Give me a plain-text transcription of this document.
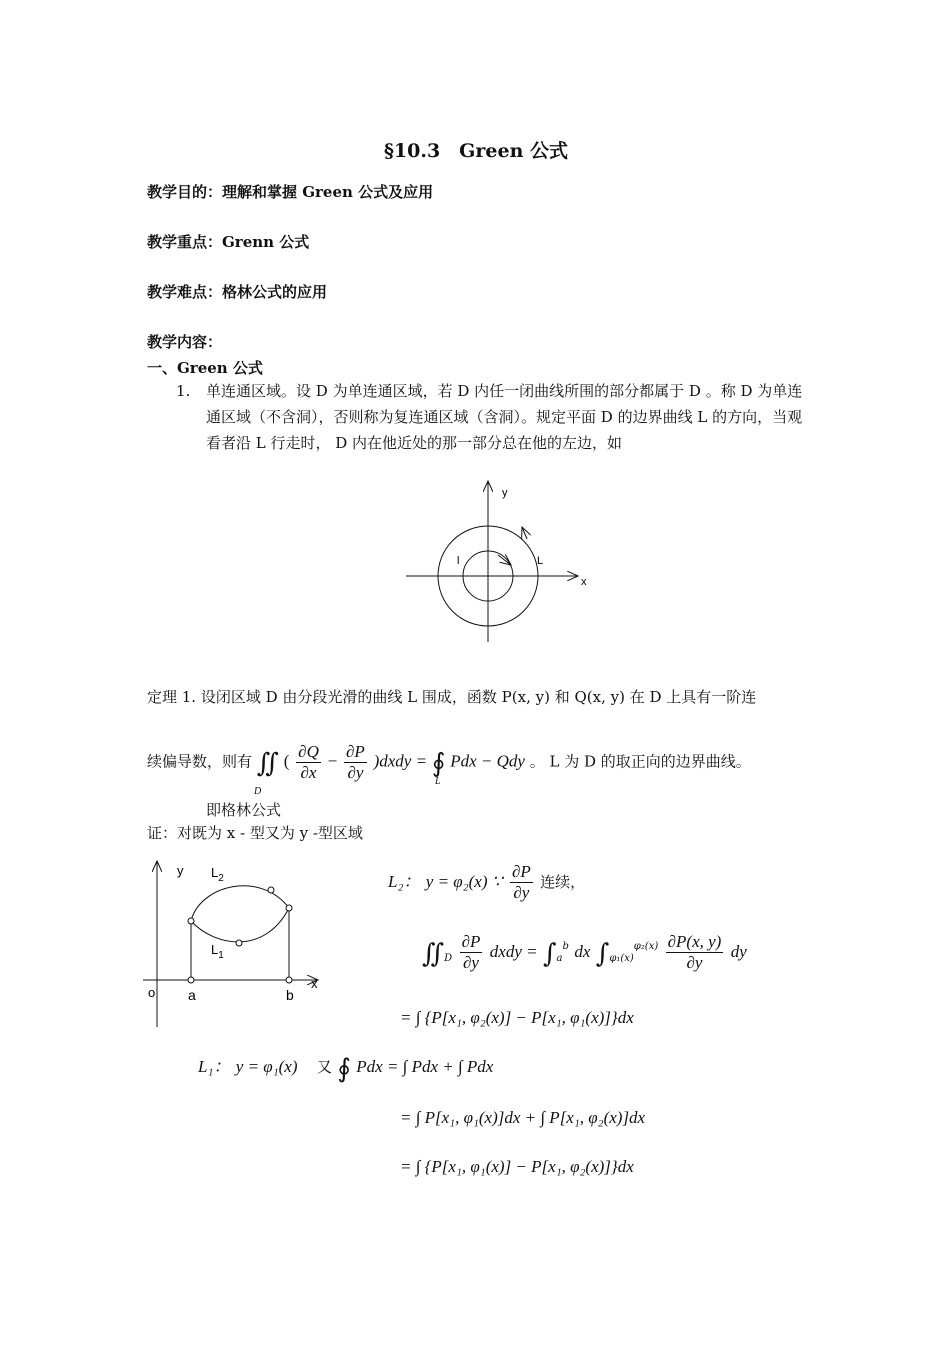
§10.3　Green 公式
教学目的：理解和掌握 Green 公式及应用
教学重点：Grenn 公式
教学难点：格林公式的应用
教学内容：
一、Green 公式
1. 单连通区域。设 D 为单连通区域，若 D 内任一闭曲线所围的部分都属于 D 。称 D 为单连通区域（不含洞），否则称为复连通区域（含洞）。规定平面 D 的边界曲线 L 的方向，当观看者沿 L 行走时， D 内在他近处的那一部分总在他的左边，如
y
x
l	L
定理 1. 设闭区域 D 由分段光滑的曲线 L 围成，函数 P(x, y) 和 Q(x, y) 在 D 上具有一阶连
续偏导数，则有 ∬ ( $\frac{\partial Q}{\partial x} - \frac{\partial P}{\partial y}$ )dxdy = ∮ Pdx − Qdy 。 L 为 D 的取正向的边界曲线。
D
L
即格林公式
证：对既为 x - 型又为 y -型区域
y
x
o a	b
$L_2$
$L_1$
L₂： y = φ₂(x) ∵ $\frac{\partial P}{\partial y}$ 连续，
$∬_D \frac{\partial P}{\partial y}$ dxdy = $\int_a^b$ dx $\int_{\varphi_1(x)}^{\varphi_2(x)} \frac{\partial P(x, y)}{\partial y}$ dy
= ∫ {P[x₁, φ₂(x)] − P[x₁, φ₁(x)]}dx
L₁： y = φ₁(x) 又 ∮ Pdx = ∫ Pdx + ∫ Pdx
= ∫ P[x₁, φ₁(x)]dx + ∫ P[x₁, φ₂(x)]dx
= ∫ {P[x₁, φ₁(x)] − P[x₁, φ₂(x)]}dx
